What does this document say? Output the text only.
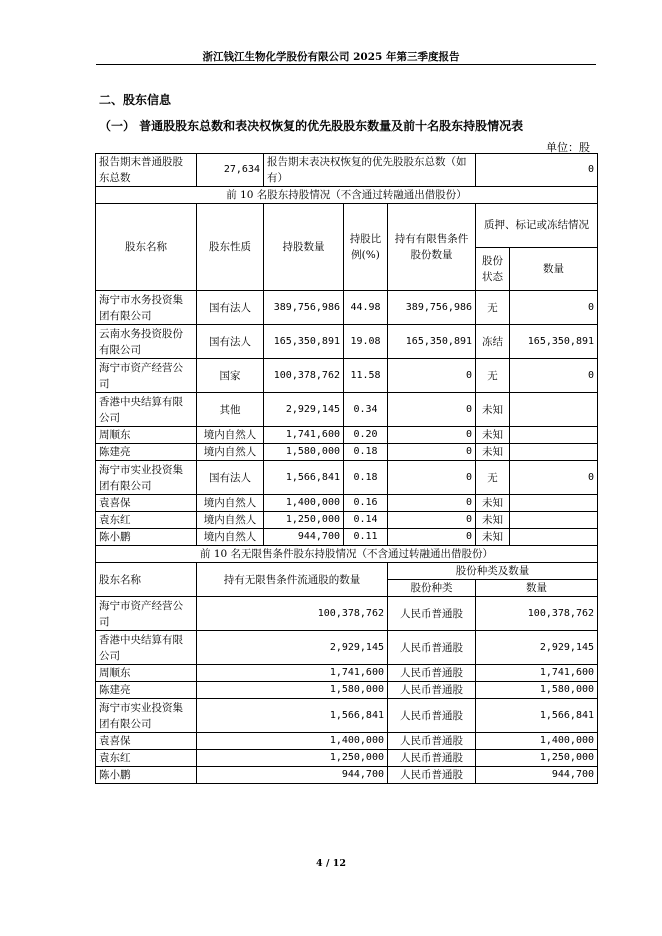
浙江钱江生物化学股份有限公司 2025 年第三季度报告
二、股东信息
（一） 普通股股东总数和表决权恢复的优先股股东数量及前十名股东持股情况表
单位：股
报告期末普通股股东总数	27,634	报告期末表决权恢复的优先股股东总数（如有）			0	
前 10 名股东持股情况（不含通过转融通出借股份）						
股东名称	股东性质	持股数量	持股比例(%)	持有有限售条件股份数量	质押、标记或冻结情况	
					股份状态	数量
海宁市水务投资集团有限公司	国有法人	389,756,986	44.98	389,756,986	无	0
云南水务投资股份有限公司	国有法人	165,350,891	19.08	165,350,891	冻结	165,350,891
海宁市资产经营公司	国家	100,378,762	11.58	0	无	0
香港中央结算有限公司	其他	2,929,145	0.34	0	未知	
周顺东	境内自然人	1,741,600	0.20	0	未知	
陈建亮	境内自然人	1,580,000	0.18	0	未知	
海宁市实业投资集团有限公司	国有法人	1,566,841	0.18	0	无	0
袁喜保	境内自然人	1,400,000	0.16	0	未知	
袁东红	境内自然人	1,250,000	0.14	0	未知	
陈小鹏	境内自然人	944,700	0.11	0	未知	
前 10 名无限售条件股东持股情况（不含通过转融通出借股份）						
股东名称	持有无限售条件流通股的数量			股份种类及数量		
				股份种类	数量	
海宁市资产经营公司	100,378,762			人民币普通股	100,378,762	
香港中央结算有限公司	2,929,145			人民币普通股	2,929,145	
周顺东	1,741,600			人民币普通股	1,741,600	
陈建亮	1,580,000			人民币普通股	1,580,000	
海宁市实业投资集团有限公司	1,566,841			人民币普通股	1,566,841	
袁喜保	1,400,000			人民币普通股	1,400,000	
袁东红	1,250,000			人民币普通股	1,250,000	
陈小鹏	944,700			人民币普通股	944,700	
4 / 12
